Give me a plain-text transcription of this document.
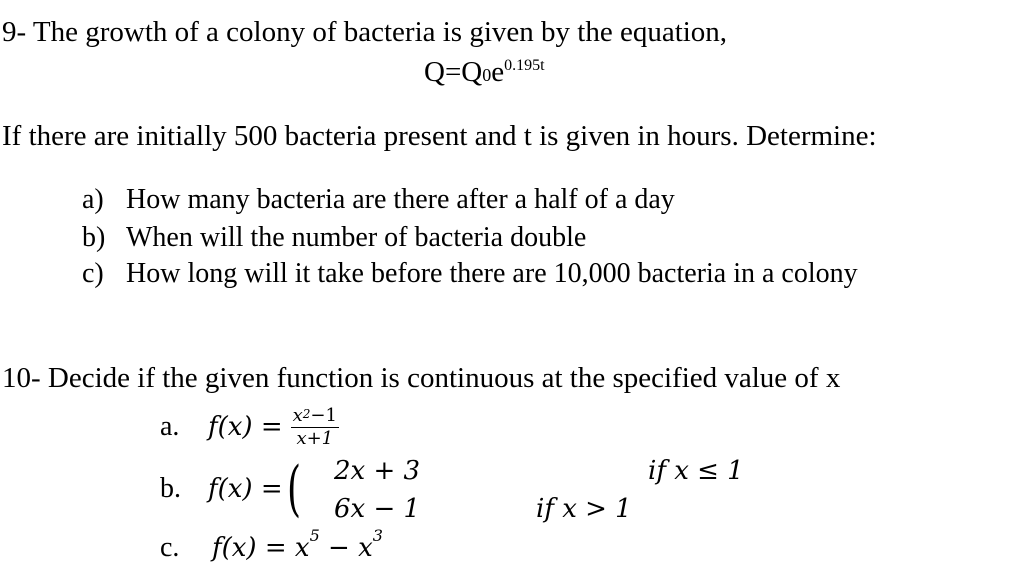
9- The growth of a colony of bacteria is given by the equation,
$Q=Q0e^{0.195t}$
If there are initially 500 bacteria present and t is given in hours. Determine:
a) How many bacteria are there after a half of a day
b) When will the number of bacteria double
c) How long will it take before there are 10,000 bacteria in a colony
10- Decide if the given function is continuous at the specified value of x
a.	$f(x) = \frac{x^2-1}{x+1}$
b.	f(x) = ( 2x + 3
6x − 1
if x ≤ 1
if x > 1
c. $f(x) = x^5 - x^3$
